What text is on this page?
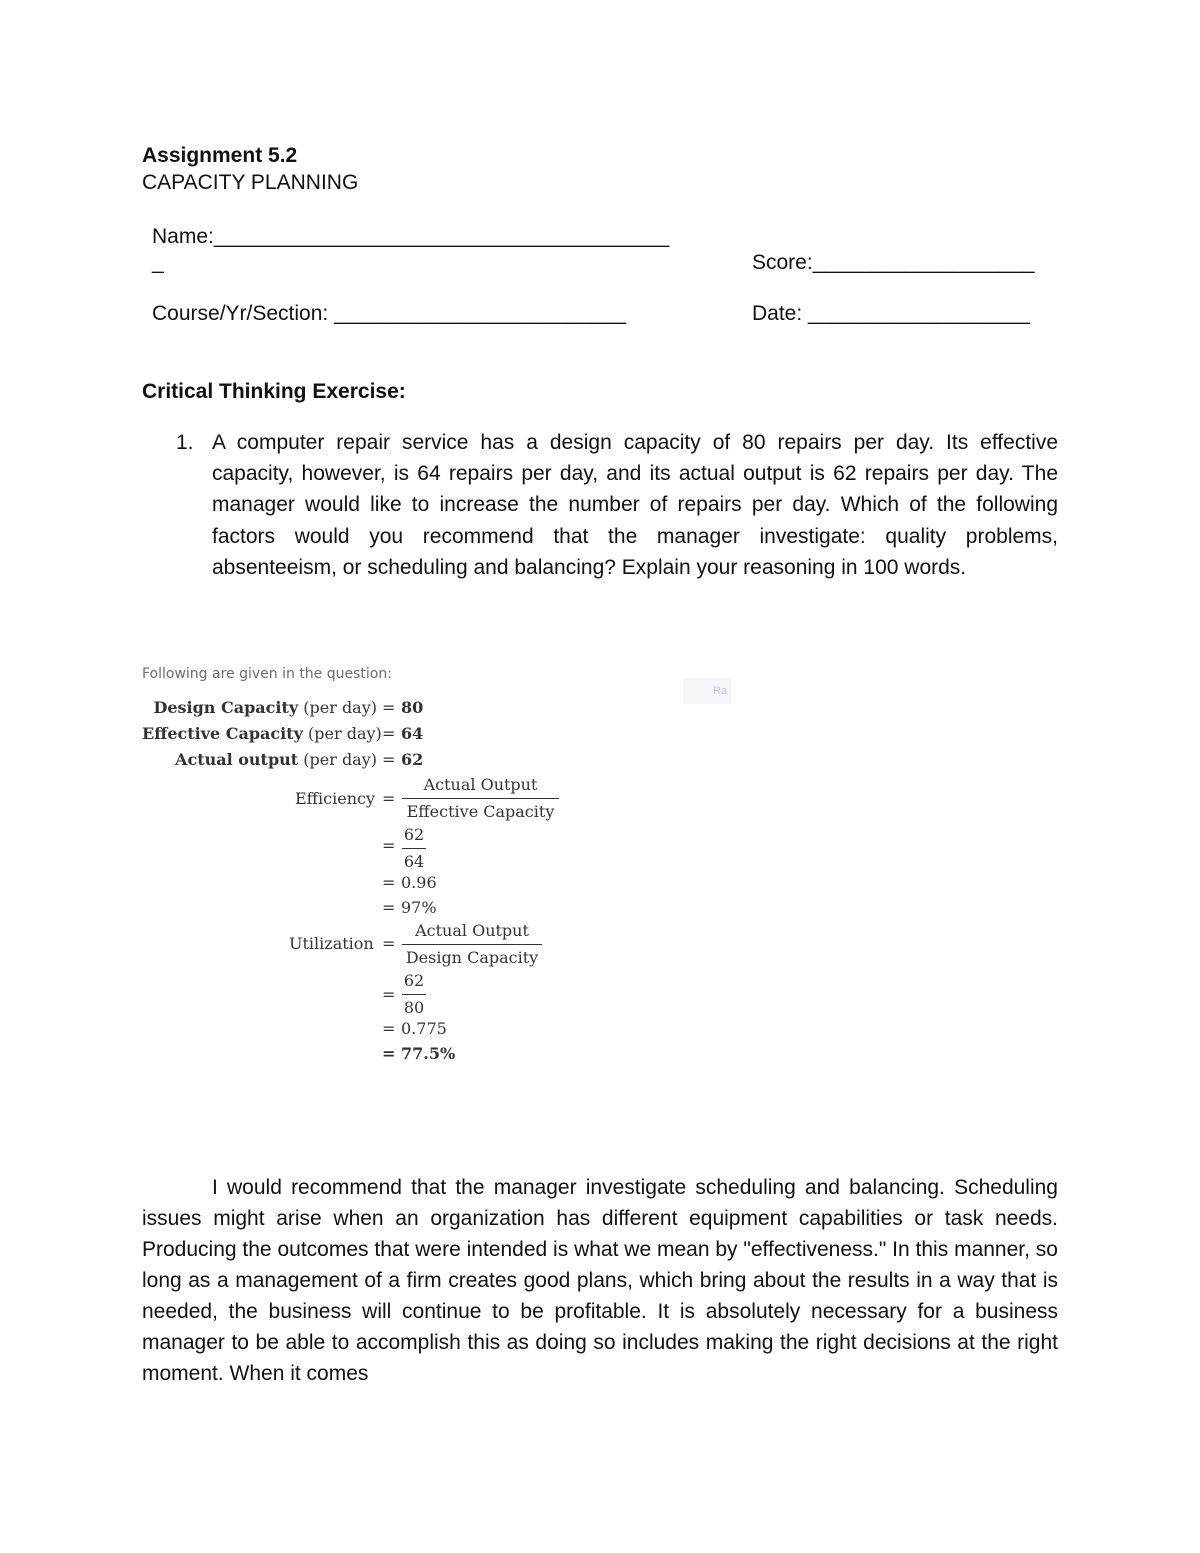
Assignment 5.2
CAPACITY PLANNING
Name:_______________________________________
_	Score:___________________
Course/Yr/Section: _________________________	Date: ___________________
Critical Thinking Exercise:
1. A computer repair service has a design capacity of 80 repairs per day. Its effective capacity, however, is 64 repairs per day, and its actual output is 62 repairs per day. The manager would like to increase the number of repairs per day. Which of the following factors would you recommend that the manager investigate: quality problems, absenteeism, or scheduling and balancing? Explain your reasoning in 100 words.
Following are given in the question:
Ra
Design Capacity (per day) = 80
Effective Capacity (per day) = 64
Actual output (per day) = 62
Efficiency =
Actual Output
Effective Capacity
=
62
64
= 0.96
= 97%
Utilization =
Actual Output
Design Capacity
=
62
80
= 0.775
= 77.5%
I would recommend that the manager investigate scheduling and balancing. Scheduling issues might arise when an organization has different equipment capabilities or task needs. Producing the outcomes that were intended is what we mean by "effectiveness." In this manner, so long as a management of a firm creates good plans, which bring about the results in a way that is needed, the business will continue to be profitable. It is absolutely necessary for a business manager to be able to accomplish this as doing so includes making the right decisions at the right moment. When it comes
